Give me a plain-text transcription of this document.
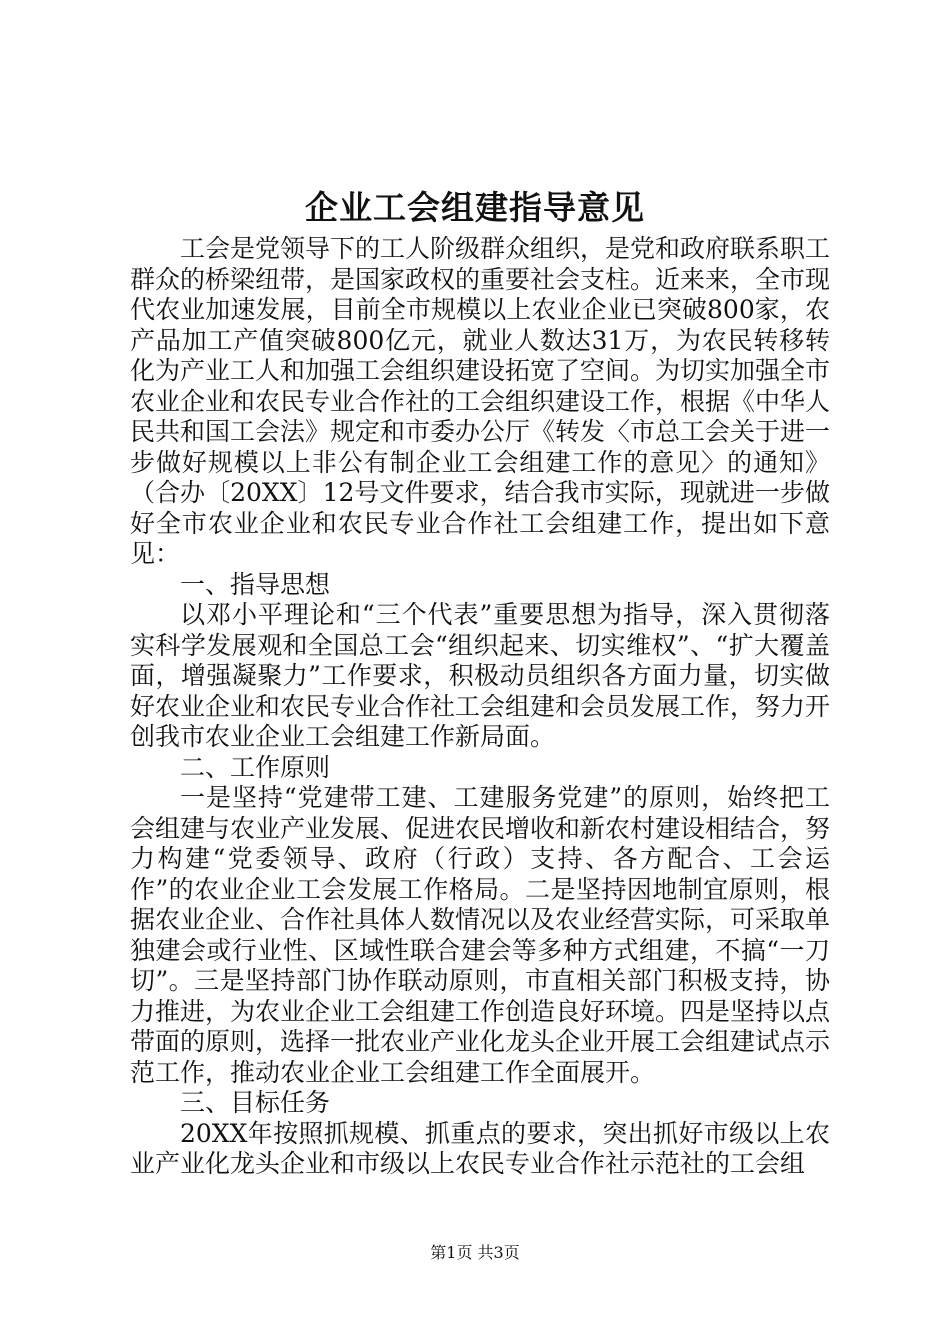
企业工会组建指导意见

工会是党领导下的工人阶级群众组织，是党和政府联系职工群众的桥梁纽带，是国家政权的重要社会支柱。近来来，全市现代农业加速发展，目前全市规模以上农业企业已突破800家，农产品加工产值突破800亿元，就业人数达31万，为农民转移转化为产业工人和加强工会组织建设拓宽了空间。为切实加强全市农业企业和农民专业合作社的工会组织建设工作，根据《中华人民共和国工会法》规定和市委办公厅《转发〈市总工会关于进一步做好规模以上非公有制企业工会组建工作的意见〉的通知》（合办〔20XX〕12号文件要求，结合我市实际，现就进一步做好全市农业企业和农民专业合作社工会组建工作，提出如下意见：

一、指导思想

以邓小平理论和“三个代表”重要思想为指导，深入贯彻落实科学发展观和全国总工会“组织起来、切实维权”、“扩大覆盖面，增强凝聚力”工作要求，积极动员组织各方面力量，切实做好农业企业和农民专业合作社工会组建和会员发展工作，努力开创我市农业企业工会组建工作新局面。

二、工作原则

一是坚持“党建带工建、工建服务党建”的原则，始终把工会组建与农业产业发展、促进农民增收和新农村建设相结合，努力构建“党委领导、政府（行政）支持、各方配合、工会运作”的农业企业工会发展工作格局。二是坚持因地制宜原则，根据农业企业、合作社具体人数情况以及农业经营实际，可采取单独建会或行业性、区域性联合建会等多种方式组建，不搞“一刀切”。三是坚持部门协作联动原则，市直相关部门积极支持，协力推进，为农业企业工会组建工作创造良好环境。四是坚持以点带面的原则，选择一批农业产业化龙头企业开展工会组建试点示范工作，推动农业企业工会组建工作全面展开。

三、目标任务

20XX年按照抓规模、抓重点的要求，突出抓好市级以上农业产业化龙头企业和市级以上农民专业合作社示范社的工会组

第1页 共3页
